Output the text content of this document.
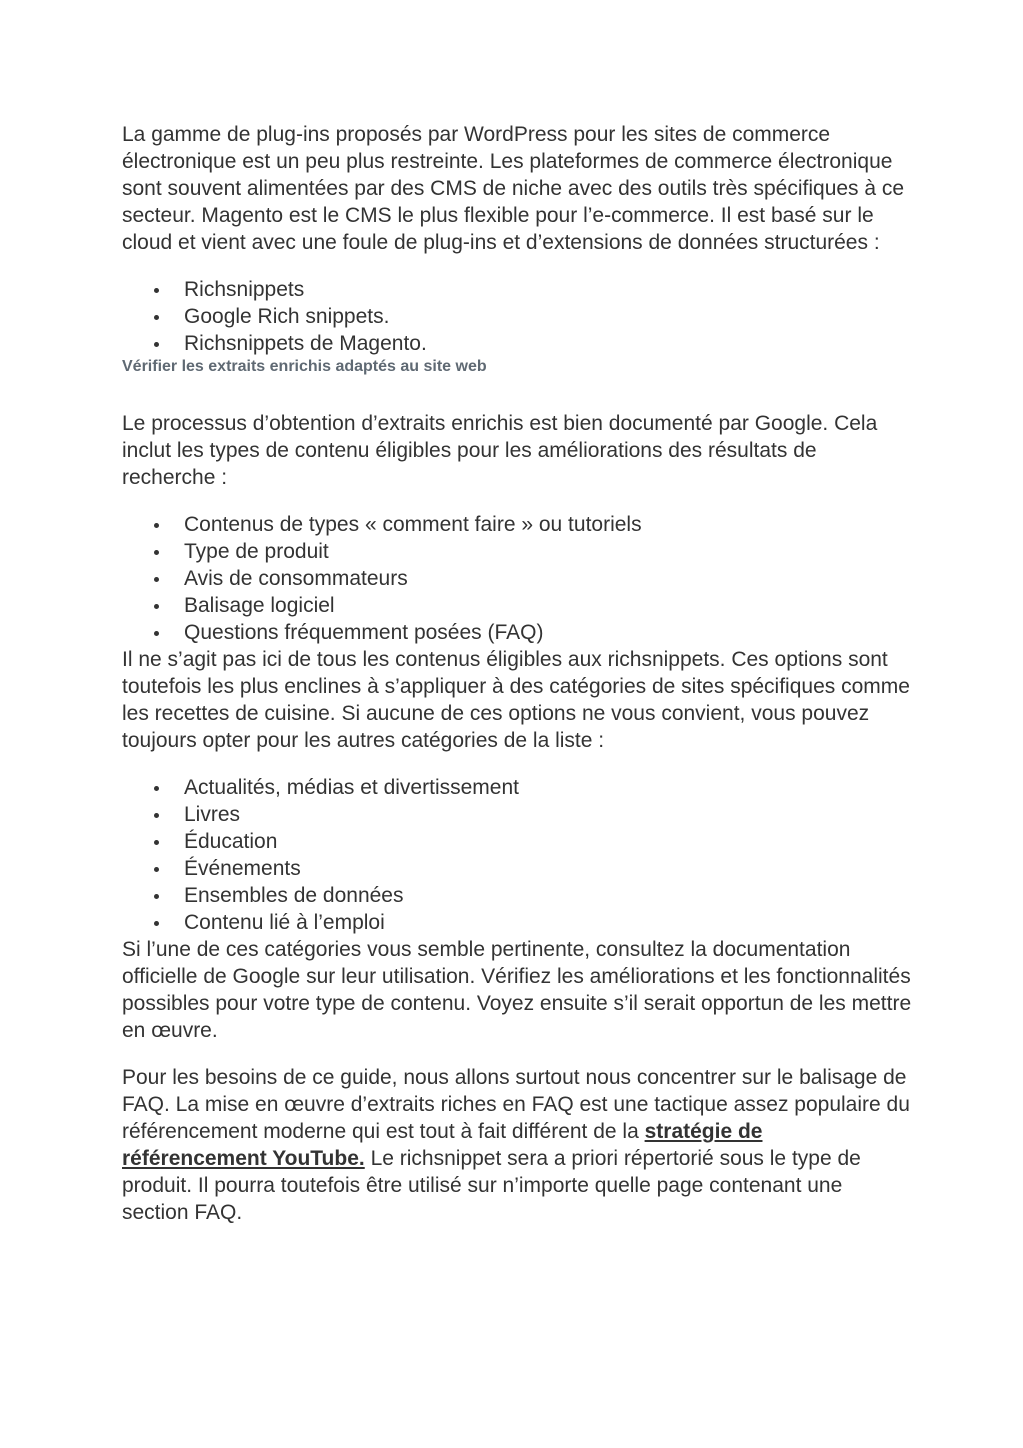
La gamme de plug-ins proposés par WordPress pour les sites de commerce électronique est un peu plus restreinte. Les plateformes de commerce électronique sont souvent alimentées par des CMS de niche avec des outils très spécifiques à ce secteur. Magento est le CMS le plus flexible pour l’e-commerce. Il est basé sur le cloud et vient avec une foule de plug-ins et d’extensions de données structurées :

Richsnippets
Google Rich snippets.
Richsnippets de Magento.
Vérifier les extraits enrichis adaptés au site web

Le processus d’obtention d’extraits enrichis est bien documenté par Google. Cela inclut les types de contenu éligibles pour les améliorations des résultats de recherche :

Contenus de types « comment faire » ou tutoriels
Type de produit
Avis de consommateurs
Balisage logiciel
Questions fréquemment posées (FAQ)

Il ne s’agit pas ici de tous les contenus éligibles aux richsnippets. Ces options sont toutefois les plus enclines à s’appliquer à des catégories de sites spécifiques comme les recettes de cuisine. Si aucune de ces options ne vous convient, vous pouvez toujours opter pour les autres catégories de la liste :

Actualités, médias et divertissement
Livres
Éducation
Événements
Ensembles de données
Contenu lié à l’emploi

Si l’une de ces catégories vous semble pertinente, consultez la documentation officielle de Google sur leur utilisation. Vérifiez les améliorations et les fonctionnalités possibles pour votre type de contenu. Voyez ensuite s’il serait opportun de les mettre en œuvre.

Pour les besoins de ce guide, nous allons surtout nous concentrer sur le balisage de FAQ. La mise en œuvre d’extraits riches en FAQ est une tactique assez populaire du référencement moderne qui est tout à fait différent de la stratégie de référencement YouTube. Le richsnippet sera a priori répertorié sous le type de produit. Il pourra toutefois être utilisé sur n’importe quelle page contenant une section FAQ.
